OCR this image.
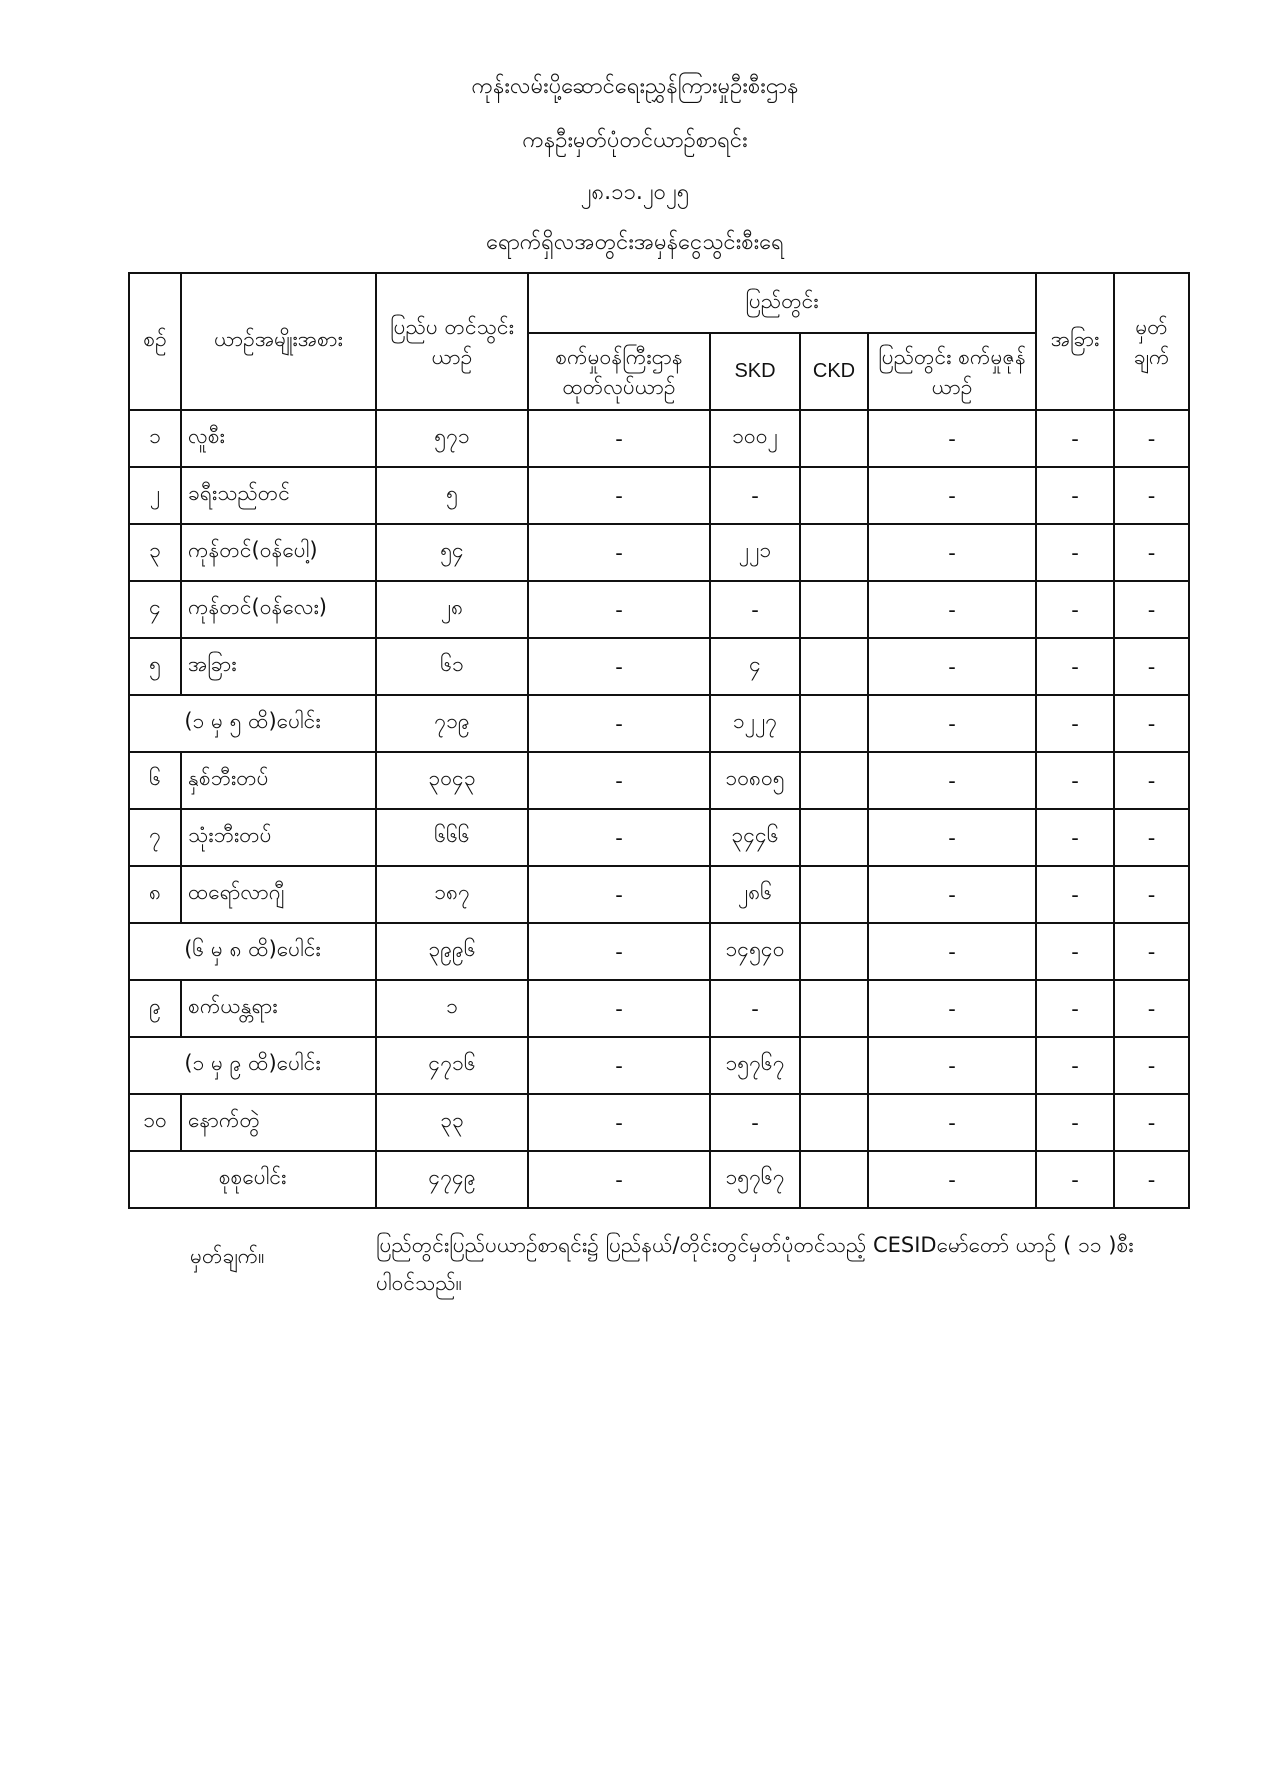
ကုန်းလမ်းပို့ဆောင်ရေးညွှန်ကြားမှုဦးစီးဌာန
ကနဦးမှတ်ပုံတင်ယာဉ်စာရင်း
၂၈.၁၁.၂၀၂၅
ရောက်ရှိလအတွင်းအမှန်ငွေသွင်းစီးရေ
စဉ်	ယာဉ်အမျိုးအစား	ပြည်ပ တင်သွင်းယာဉ်	ပြည်တွင်း				အခြား	မှတ် ချက်
			စက်မှုဝန်ကြီးဌာန ထုတ်လုပ်ယာဉ်	SKD	CKD	ပြည်တွင်း စက်မှုဇုန်ယာဉ်		
၁	လူစီး	၅၇၁	-	၁၀၀၂		-	-	-
၂	ခရီးသည်တင်	၅	-	-		-	-	-
၃	ကုန်တင်(ဝန်ပေါ့)	၅၄	-	၂၂၁		-	-	-
၄	ကုန်တင်(ဝန်လေး)	၂၈	-	-		-	-	-
၅	အခြား	၆၁	-	၄		-	-	-
(၁ မှ ၅ ထိ)ပေါင်း		၇၁၉	-	၁၂၂၇		-	-	-
၆	နှစ်ဘီးတပ်	၃၀၄၃	-	၁၀၈၀၅		-	-	-
၇	သုံးဘီးတပ်	၆၆၆	-	၃၄၄၆		-	-	-
၈	ထရော်လာဂျီ	၁၈၇	-	၂၈၆		-	-	-
(၆ မှ ၈ ထိ)ပေါင်း		၃၉၉၆	-	၁၄၅၄၀		-	-	-
၉	စက်ယန္တရား	၁	-	-		-	-	-
(၁ မှ ၉ ထိ)ပေါင်း		၄၇၁၆	-	၁၅၇၆၇		-	-	-
၁၀	နောက်တွဲ	၃၃	-	-		-	-	-
စုစုပေါင်း		၄၇၄၉	-	၁၅၇၆၇		-	-	-
မှတ်ချက်။	ပြည်တွင်းပြည်ပယာဉ်စာရင်း၌ ပြည်နယ်/တိုင်းတွင်မှတ်ပုံတင်သည့် CESIDမော်တော် ယာဉ် ( ၁၁ )စီး ပါဝင်သည်။
